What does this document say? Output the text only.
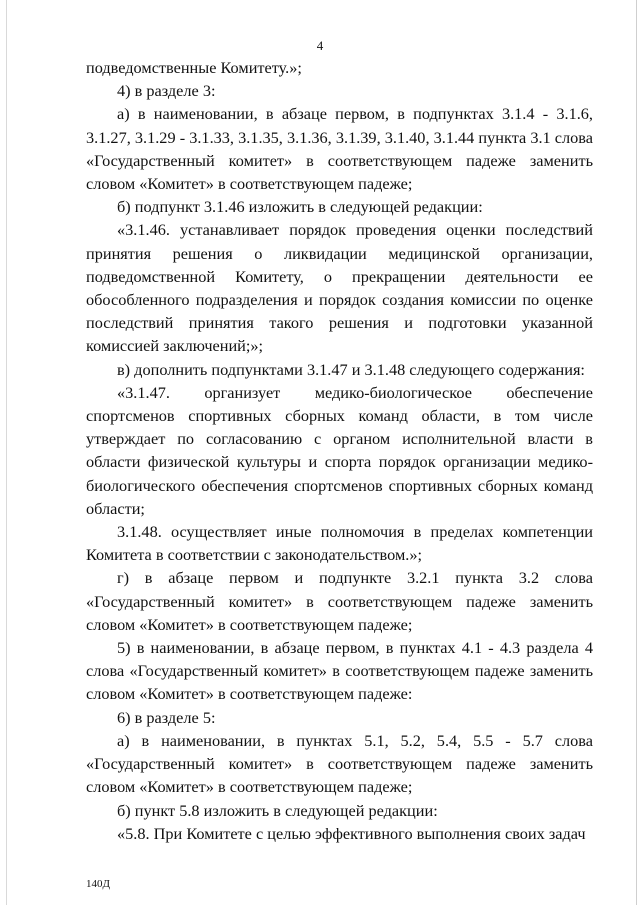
4

подведомственные Комитету.»;

4) в разделе 3:

а) в наименовании, в абзаце первом, в подпунктах 3.1.4 - 3.1.6, 3.1.27, 3.1.29 - 3.1.33, 3.1.35, 3.1.36, 3.1.39, 3.1.40, 3.1.44 пункта 3.1 слова «Государственный комитет» в соответствующем падеже заменить словом «Комитет» в соответствующем падеже;

б) подпункт 3.1.46 изложить в следующей редакции:

«3.1.46. устанавливает порядок проведения оценки последствий принятия решения о ликвидации медицинской организации, подведомственной Комитету, о прекращении деятельности ее обособленного подразделения и порядок создания комиссии по оценке последствий принятия такого решения и подготовки указанной комиссией заключений;»;

в) дополнить подпунктами 3.1.47 и 3.1.48 следующего содержания:

«3.1.47. организует медико-биологическое обеспечение спортсменов спортивных сборных команд области, в том числе утверждает по согласованию с органом исполнительной власти в области физической культуры и спорта порядок организации медико-биологического обеспечения спортсменов спортивных сборных команд области;

3.1.48. осуществляет иные полномочия в пределах компетенции Комитета в соответствии с законодательством.»;

г) в абзаце первом и подпункте 3.2.1 пункта 3.2 слова «Государственный комитет» в соответствующем падеже заменить словом «Комитет» в соответствующем падеже;

5) в наименовании, в абзаце первом, в пунктах 4.1 - 4.3 раздела 4 слова «Государственный комитет» в соответствующем падеже заменить словом «Комитет» в соответствующем падеже:

6) в разделе 5:

а) в наименовании, в пунктах 5.1, 5.2, 5.4, 5.5 - 5.7 слова «Государственный комитет» в соответствующем падеже заменить словом «Комитет» в соответствующем падеже;

б) пункт 5.8 изложить в следующей редакции:

«5.8. При Комитете с целью эффективного выполнения своих задач

140Д
